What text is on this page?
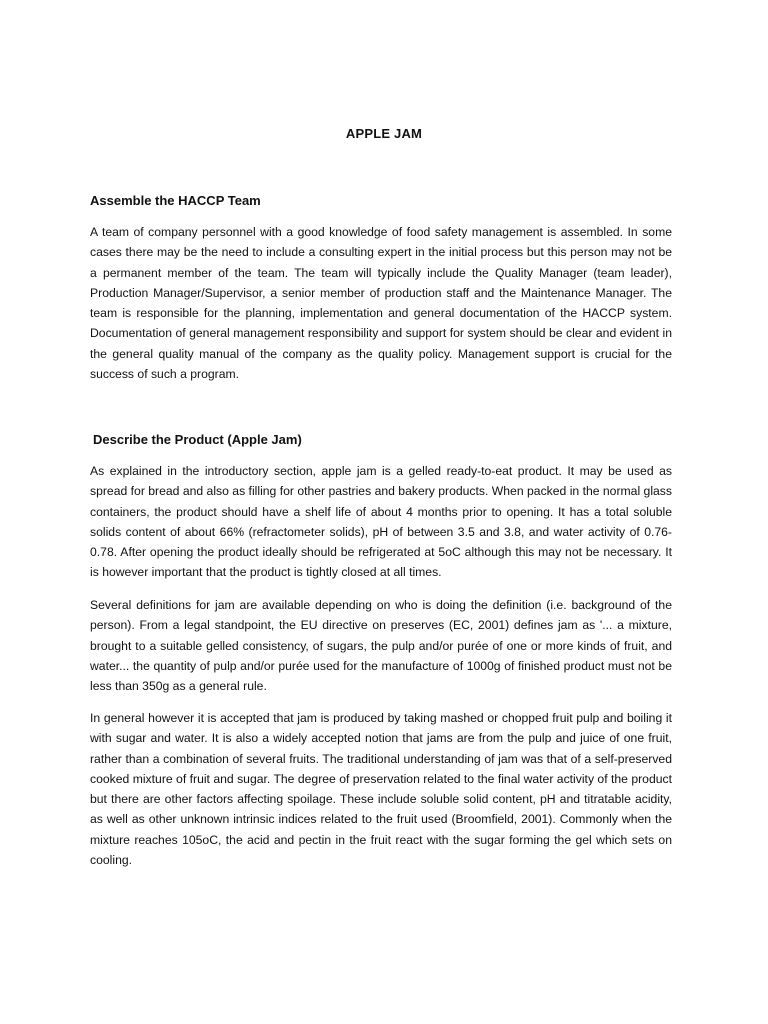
APPLE JAM
Assemble the HACCP Team

A team of company personnel with a good knowledge of food safety management is assembled. In some cases there may be the need to include a consulting expert in the initial process but this person may not be a permanent member of the team. The team will typically include the Quality Manager (team leader), Production Manager/Supervisor, a senior member of production staff and the Maintenance Manager. The team is responsible for the planning, implementation and general documentation of the HACCP system. Documentation of general management responsibility and support for system should be clear and evident in the general quality manual of the company as the quality policy. Management support is crucial for the success of such a program.

Describe the Product (Apple Jam)

As explained in the introductory section, apple jam is a gelled ready-to-eat product. It may be used as spread for bread and also as filling for other pastries and bakery products. When packed in the normal glass containers, the product should have a shelf life of about 4 months prior to opening. It has a total soluble solids content of about 66% (refractometer solids), pH of between 3.5 and 3.8, and water activity of 0.76-0.78. After opening the product ideally should be refrigerated at 5oC although this may not be necessary. It is however important that the product is tightly closed at all times.

Several definitions for jam are available depending on who is doing the definition (i.e. background of the person). From a legal standpoint, the EU directive on preserves (EC, 2001) defines jam as '... a mixture, brought to a suitable gelled consistency, of sugars, the pulp and/or purée of one or more kinds of fruit, and water... the quantity of pulp and/or purée used for the manufacture of 1000g of finished product must not be less than 350g as a general rule.

In general however it is accepted that jam is produced by taking mashed or chopped fruit pulp and boiling it with sugar and water. It is also a widely accepted notion that jams are from the pulp and juice of one fruit, rather than a combination of several fruits. The traditional understanding of jam was that of a self-preserved cooked mixture of fruit and sugar. The degree of preservation related to the final water activity of the product but there are other factors affecting spoilage. These include soluble solid content, pH and titratable acidity, as well as other unknown intrinsic indices related to the fruit used (Broomfield, 2001). Commonly when the mixture reaches 105oC, the acid and pectin in the fruit react with the sugar forming the gel which sets on cooling.
